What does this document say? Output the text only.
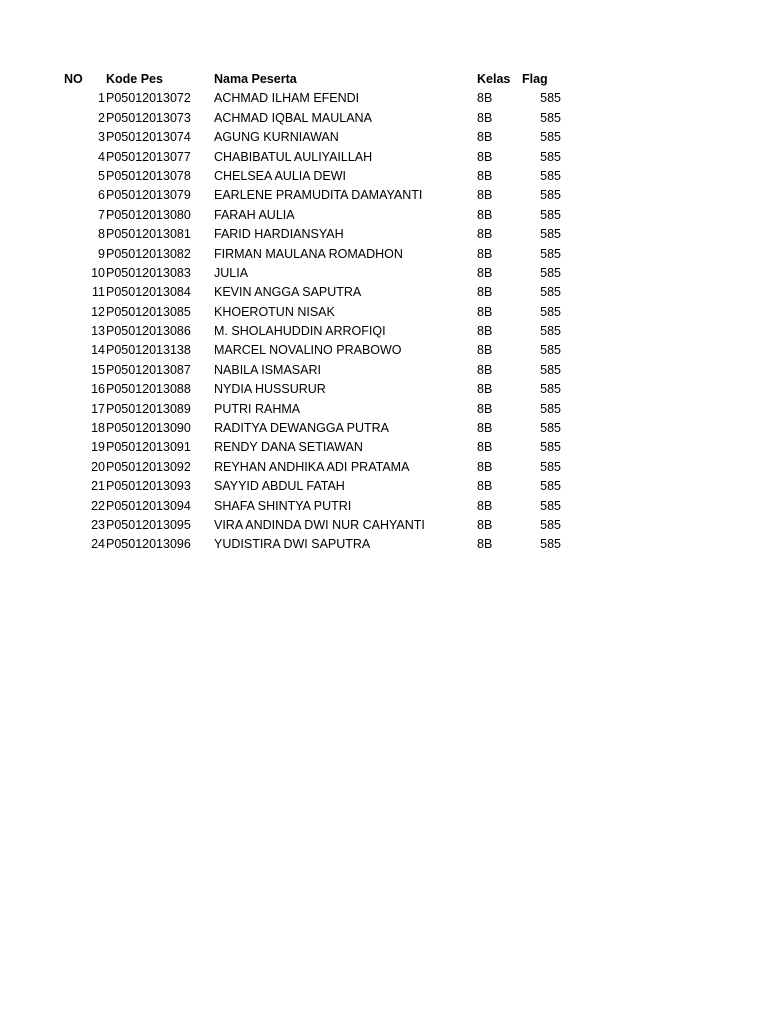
NO Kode Pes	Nama Peserta	Kelas Flag
1 P05012013072 ACHMAD ILHAM EFENDI	8B	585
2 P05012013073 ACHMAD IQBAL MAULANA	8B	585
3 P05012013074 AGUNG KURNIAWAN	8B	585
4 P05012013077 CHABIBATUL AULIYAILLAH	8B	585
5 P05012013078 CHELSEA AULIA DEWI	8B	585
6 P05012013079 EARLENE PRAMUDITA DAMAYANTI	8B	585
7 P05012013080 FARAH AULIA	8B	585
8 P05012013081 FARID HARDIANSYAH	8B	585
9 P05012013082 FIRMAN MAULANA ROMADHON	8B	585
10 P05012013083 JULIA	8B	585
11 P05012013084 KEVIN ANGGA SAPUTRA	8B	585
12 P05012013085 KHOEROTUN NISAK	8B	585
13 P05012013086 M. SHOLAHUDDIN ARROFIQI	8B	585
14 P05012013138 MARCEL NOVALINO PRABOWO	8B	585
15 P05012013087 NABILA ISMASARI	8B	585
16 P05012013088 NYDIA HUSSURUR	8B	585
17 P05012013089 PUTRI RAHMA	8B	585
18 P05012013090 RADITYA DEWANGGA PUTRA	8B	585
19 P05012013091 RENDY DANA SETIAWAN	8B	585
20 P05012013092 REYHAN ANDHIKA ADI PRATAMA	8B	585
21 P05012013093 SAYYID ABDUL FATAH	8B	585
22 P05012013094 SHAFA SHINTYA PUTRI	8B	585
23 P05012013095 VIRA ANDINDA DWI NUR CAHYANTI	8B	585
24 P05012013096 YUDISTIRA DWI SAPUTRA	8B	585
